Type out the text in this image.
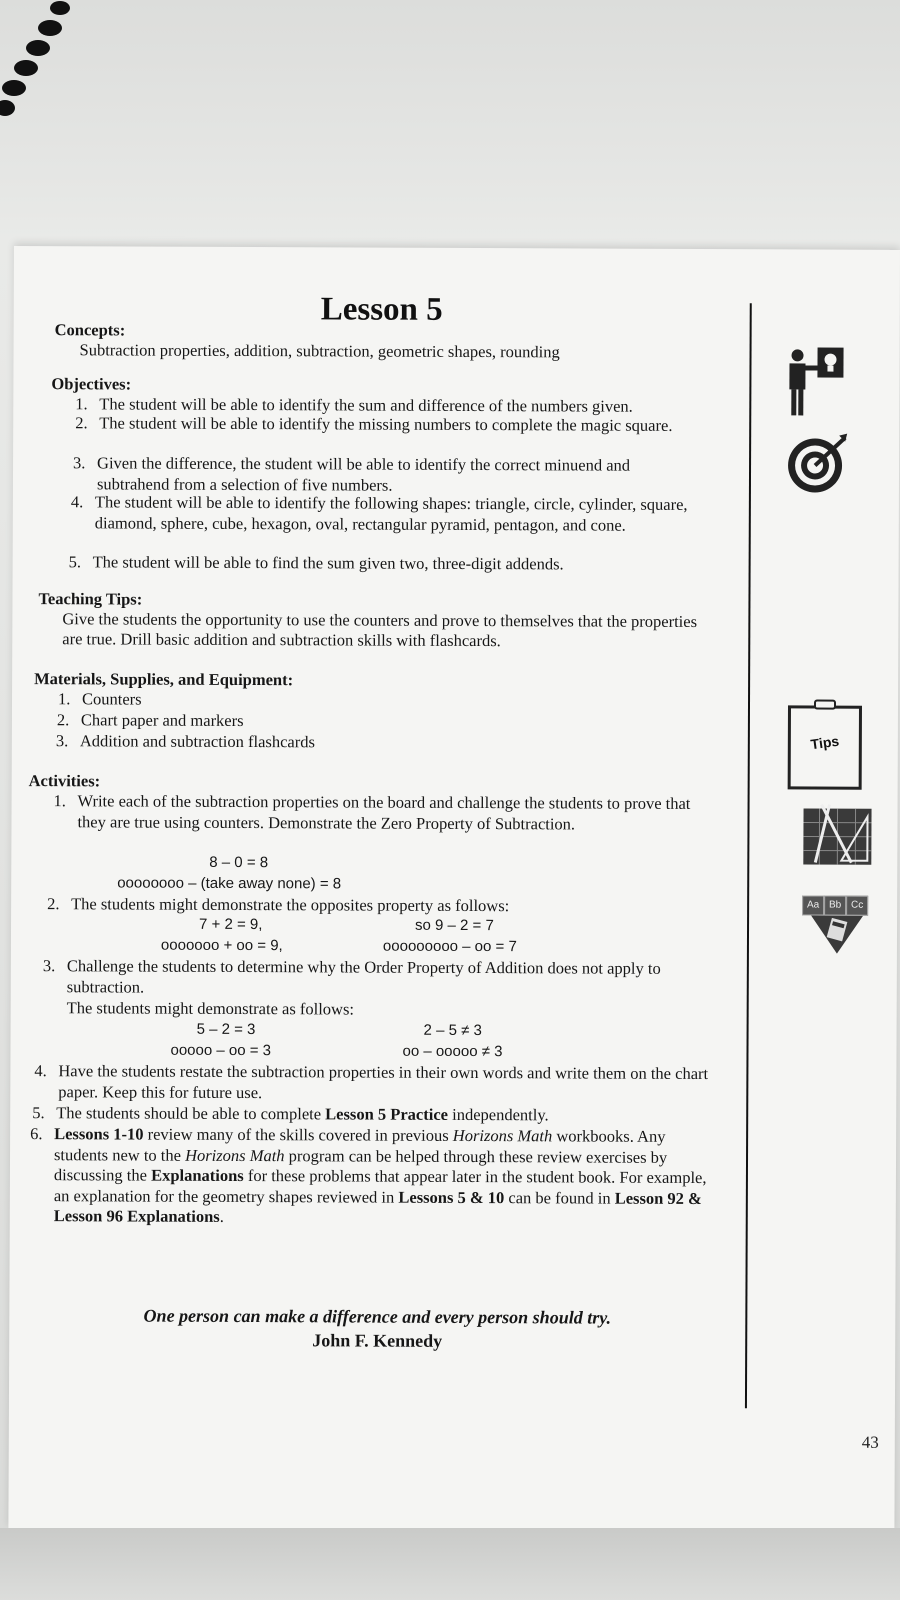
Lesson 5
Concepts:
Subtraction properties, addition, subtraction, geometric shapes, rounding
Objectives:
1. The student will be able to identify the sum and difference of the numbers given.
2. The student will be able to identify the missing numbers to complete the magic square.
3. Given the difference, the student will be able to identify the correct minuend and subtrahend from a selection of five numbers.
4. The student will be able to identify the following shapes: triangle, circle, cylinder, square, diamond, sphere, cube, hexagon, oval, rectangular pyramid, pentagon, and cone.
5. The student will be able to find the sum given two, three-digit addends.
Teaching Tips:
Give the students the opportunity to use the counters and prove to themselves that the properties are true. Drill basic addition and subtraction skills with flashcards.
Materials, Supplies, and Equipment:
1. Counters
2. Chart paper and markers
3. Addition and subtraction flashcards
Activities:
1. Write each of the subtraction properties on the board and challenge the students to prove that they are true using counters. Demonstrate the Zero Property of Subtraction.
8 – 0 = 8
oooooooo – (take away none) = 8
2. The students might demonstrate the opposites property as follows:
7 + 2 = 9,	so 9 – 2 = 7
ooooooo + oo = 9,	ooooooooo – oo = 7
3. Challenge the students to determine why the Order Property of Addition does not apply to subtraction.
The students might demonstrate as follows:
5 – 2 = 3	2 – 5 ≠ 3
ooooo – oo = 3	oo – ooooo ≠ 3
4. Have the students restate the subtraction properties in their own words and write them on the chart paper. Keep this for future use.
5. The students should be able to complete Lesson 5 Practice independently.
6. Lessons 1-10 review many of the skills covered in previous Horizons Math workbooks. Any students new to the Horizons Math program can be helped through these review exercises by discussing the Explanations for these problems that appear later in the student book. For example, an explanation for the geometry shapes reviewed in Lessons 5 & 10 can be found in Lesson 92 & Lesson 96 Explanations.
One person can make a difference and every person should try.
John F. Kennedy
43
Tips
Aa Bb Cc
